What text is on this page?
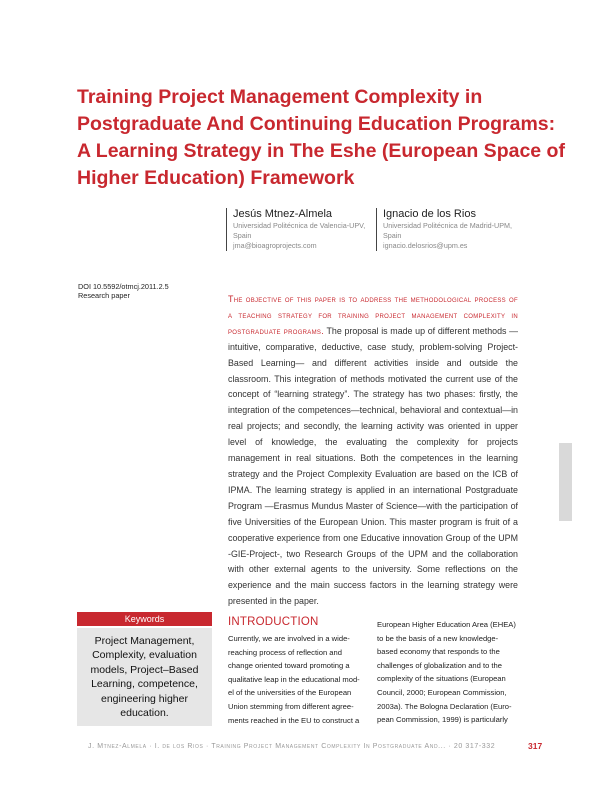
Training Project Management Complexity in
Postgraduate And Continuing Education Programs:
A Learning Strategy in The Eshe (European Space of
Higher Education) Framework
Jesús Mtnez-Almela
Universidad Politécnica de Valencia-UPV,
Spain
jma@bioagroprojects.com
Ignacio de los Rios
Universidad Politécnica de Madrid-UPM,
Spain
ignacio.delosrios@upm.es
DOI 10.5592/otmcj.2011.2.5
Research paper	The objective of this paper is to address the methodological process of a teaching strategy for training project management complexity in postgraduate programs. The proposal is made up of different methods —intuitive, comparative, deductive, case study, problem-solving Project-Based Learning— and different activities inside and outside the classroom. This integration of methods motivated the current use of the concept of “learning strategy”. The strategy has two phases: firstly, the integration of the competences—technical, behavioral and contextual—in real projects; and secondly, the learning activity was oriented in upper level of knowledge, the evaluating the complexity for projects management in real situations. Both the competences in the learning strategy and the Project Complexity Evaluation are based on the ICB of IPMA. The learning strategy is applied in an international Postgraduate Program —Erasmus Mundus Master of Science—with the participation of five Universities of the European Union. This master program is fruit of a cooperative experience from one Educative innovation Group of the UPM -GIE-Project-, two Research Groups of the UPM and the collaboration with other external agents to the university. Some reflections on the experience and the main success factors in the learning strategy were presented in the paper.
Keywords
Project Management,
Complexity, evaluation
models, Project–Based
Learning, competence,
engineering higher
education.
INTRODUCTION
Currently, we are involved in a wide-
reaching process of reflection and
change oriented toward promoting a
qualitative leap in the educational mod-
el of the universities of the European
Union stemming from different agree-
ments reached in the EU to construct a
European Higher Education Area (EHEA)
to be the basis of a new knowledge-
based economy that responds to the
challenges of globalization and to the
complexity of the situations (European
Council, 2000; European Commission,
2003a). The Bologna Declaration (Euro-
pean Commission, 1999) is particularly
J. Mtnez-Almela · I. de los Rios · Training Project Management Complexity In Postgraduate And... · 20 317-332	317
